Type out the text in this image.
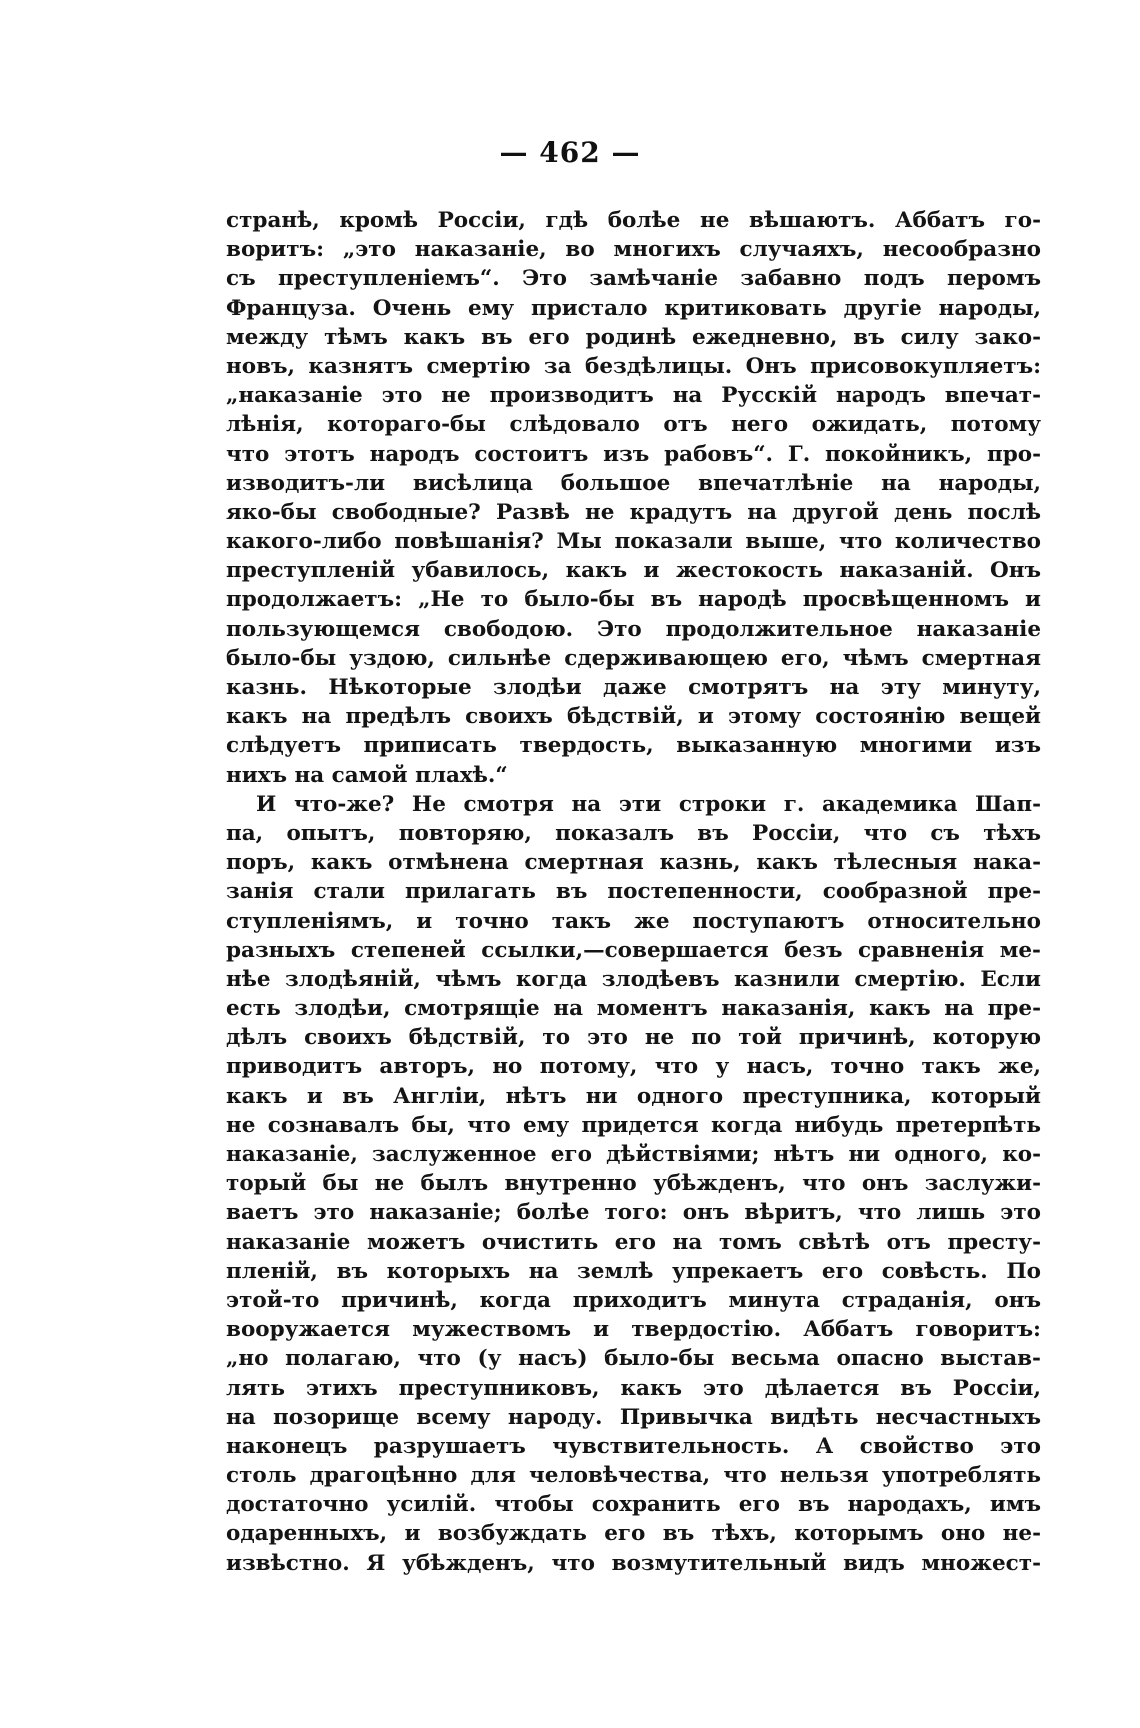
— 462 —
странѣ, кромѣ Россiи, гдѣ болѣе не вѣшаютъ. Аббатъ го-
воритъ: „это наказанiе, во многихъ случаяхъ, несообразно
съ преступленiемъ“. Это замѣчанiе забавно подъ перомъ
Француза. Очень ему пристало критиковать другiе народы,
между тѣмъ какъ въ его родинѣ ежедневно, въ силу зако-
новъ, казнятъ смертiю за бездѣлицы. Онъ присовокупляетъ:
„наказанiе это не производитъ на Русскiй народъ впечат-
лѣнiя, котораго-бы слѣдовало отъ него ожидать, потому
что этотъ народъ состоитъ изъ рабовъ“. Г. покойникъ, про-
изводитъ-ли висѣлица большое впечатлѣнiе на народы,
яко-бы свободные? Развѣ не крадутъ на другой день послѣ
какого-либо повѣшанiя? Мы показали выше, что количество
преступленiй убавилось, какъ и жестокость наказанiй. Онъ
продолжаетъ: „Не то было-бы въ народѣ просвѣщенномъ и
пользующемся свободою. Это продолжительное наказанiе
было-бы уздою, сильнѣе сдерживающею его, чѣмъ смертная
казнь. Нѣкоторые злодѣи даже смотрятъ на эту минуту,
какъ на предѣлъ своихъ бѣдствiй, и этому состоянiю вещей
слѣдуетъ приписать твердость, выказанную многими изъ
нихъ на самой плахѣ.“
И что-же? Не смотря на эти строки г. академика Шап-
па, опытъ, повторяю, показалъ въ Россiи, что съ тѣхъ
поръ, какъ отмѣнена смертная казнь, какъ тѣлесныя нака-
занiя стали прилагать въ постепенности, сообразной пре-
ступленiямъ, и точно такъ же поступаютъ относительно
разныхъ степеней ссылки,—совершается безъ сравненiя ме-
нѣе злодѣянiй, чѣмъ когда злодѣевъ казнили смертiю. Если
есть злодѣи, смотрящiе на моментъ наказанiя, какъ на пре-
дѣлъ своихъ бѣдствiй, то это не по той причинѣ, которую
приводитъ авторъ, но потому, что у насъ, точно такъ же,
какъ и въ Англiи, нѣтъ ни одного преступника, который
не сознавалъ бы, что ему придется когда нибудь претерпѣть
наказанiе, заслуженное его дѣйствiями; нѣтъ ни одного, ко-
торый бы не былъ внутренно убѣжденъ, что онъ заслужи-
ваетъ это наказанiе; болѣе того: онъ вѣритъ, что лишь это
наказанiе можетъ очистить его на томъ свѣтѣ отъ престу-
пленiй, въ которыхъ на землѣ упрекаетъ его совѣсть. По
этой-то причинѣ, когда приходитъ минута страданiя, онъ
вооружается мужествомъ и твердостiю. Аббатъ говоритъ:
„но полагаю, что (у насъ) было-бы весьма опасно выстав-
лять этихъ преступниковъ, какъ это дѣлается въ Россiи,
на позорище всему народу. Привычка видѣть несчастныхъ
наконецъ разрушаетъ чувствительность. А свойство это
столь драгоцѣнно для человѣчества, что нельзя употреблять
достаточно усилiй. чтобы сохранить его въ народахъ, имъ
одаренныхъ, и возбуждать его въ тѣхъ, которымъ оно не-
извѣстно. Я убѣжденъ, что возмутительный видъ множест-
